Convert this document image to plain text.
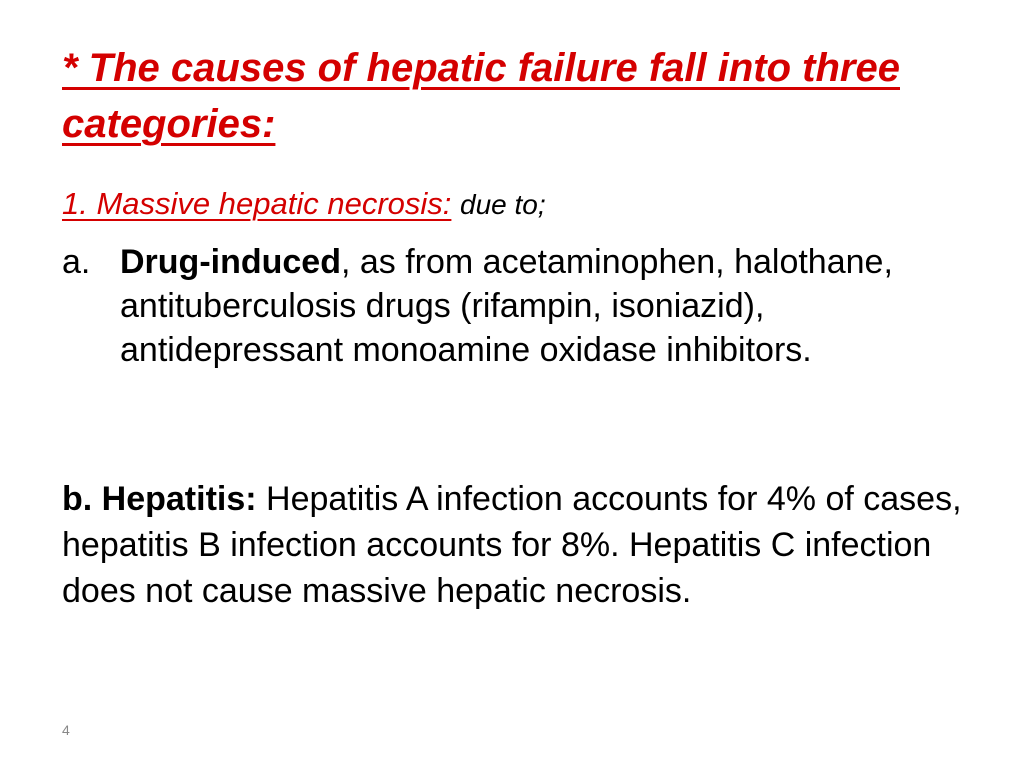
* The causes of hepatic failure fall into three categories:

1. Massive hepatic necrosis: due to;

a. Drug-induced, as from acetaminophen, halothane, antituberculosis drugs (rifampin, isoniazid), antidepressant monoamine oxidase inhibitors.

b. Hepatitis: Hepatitis A infection accounts for 4% of cases, hepatitis B infection accounts for 8%. Hepatitis C infection does not cause massive hepatic necrosis.

4
